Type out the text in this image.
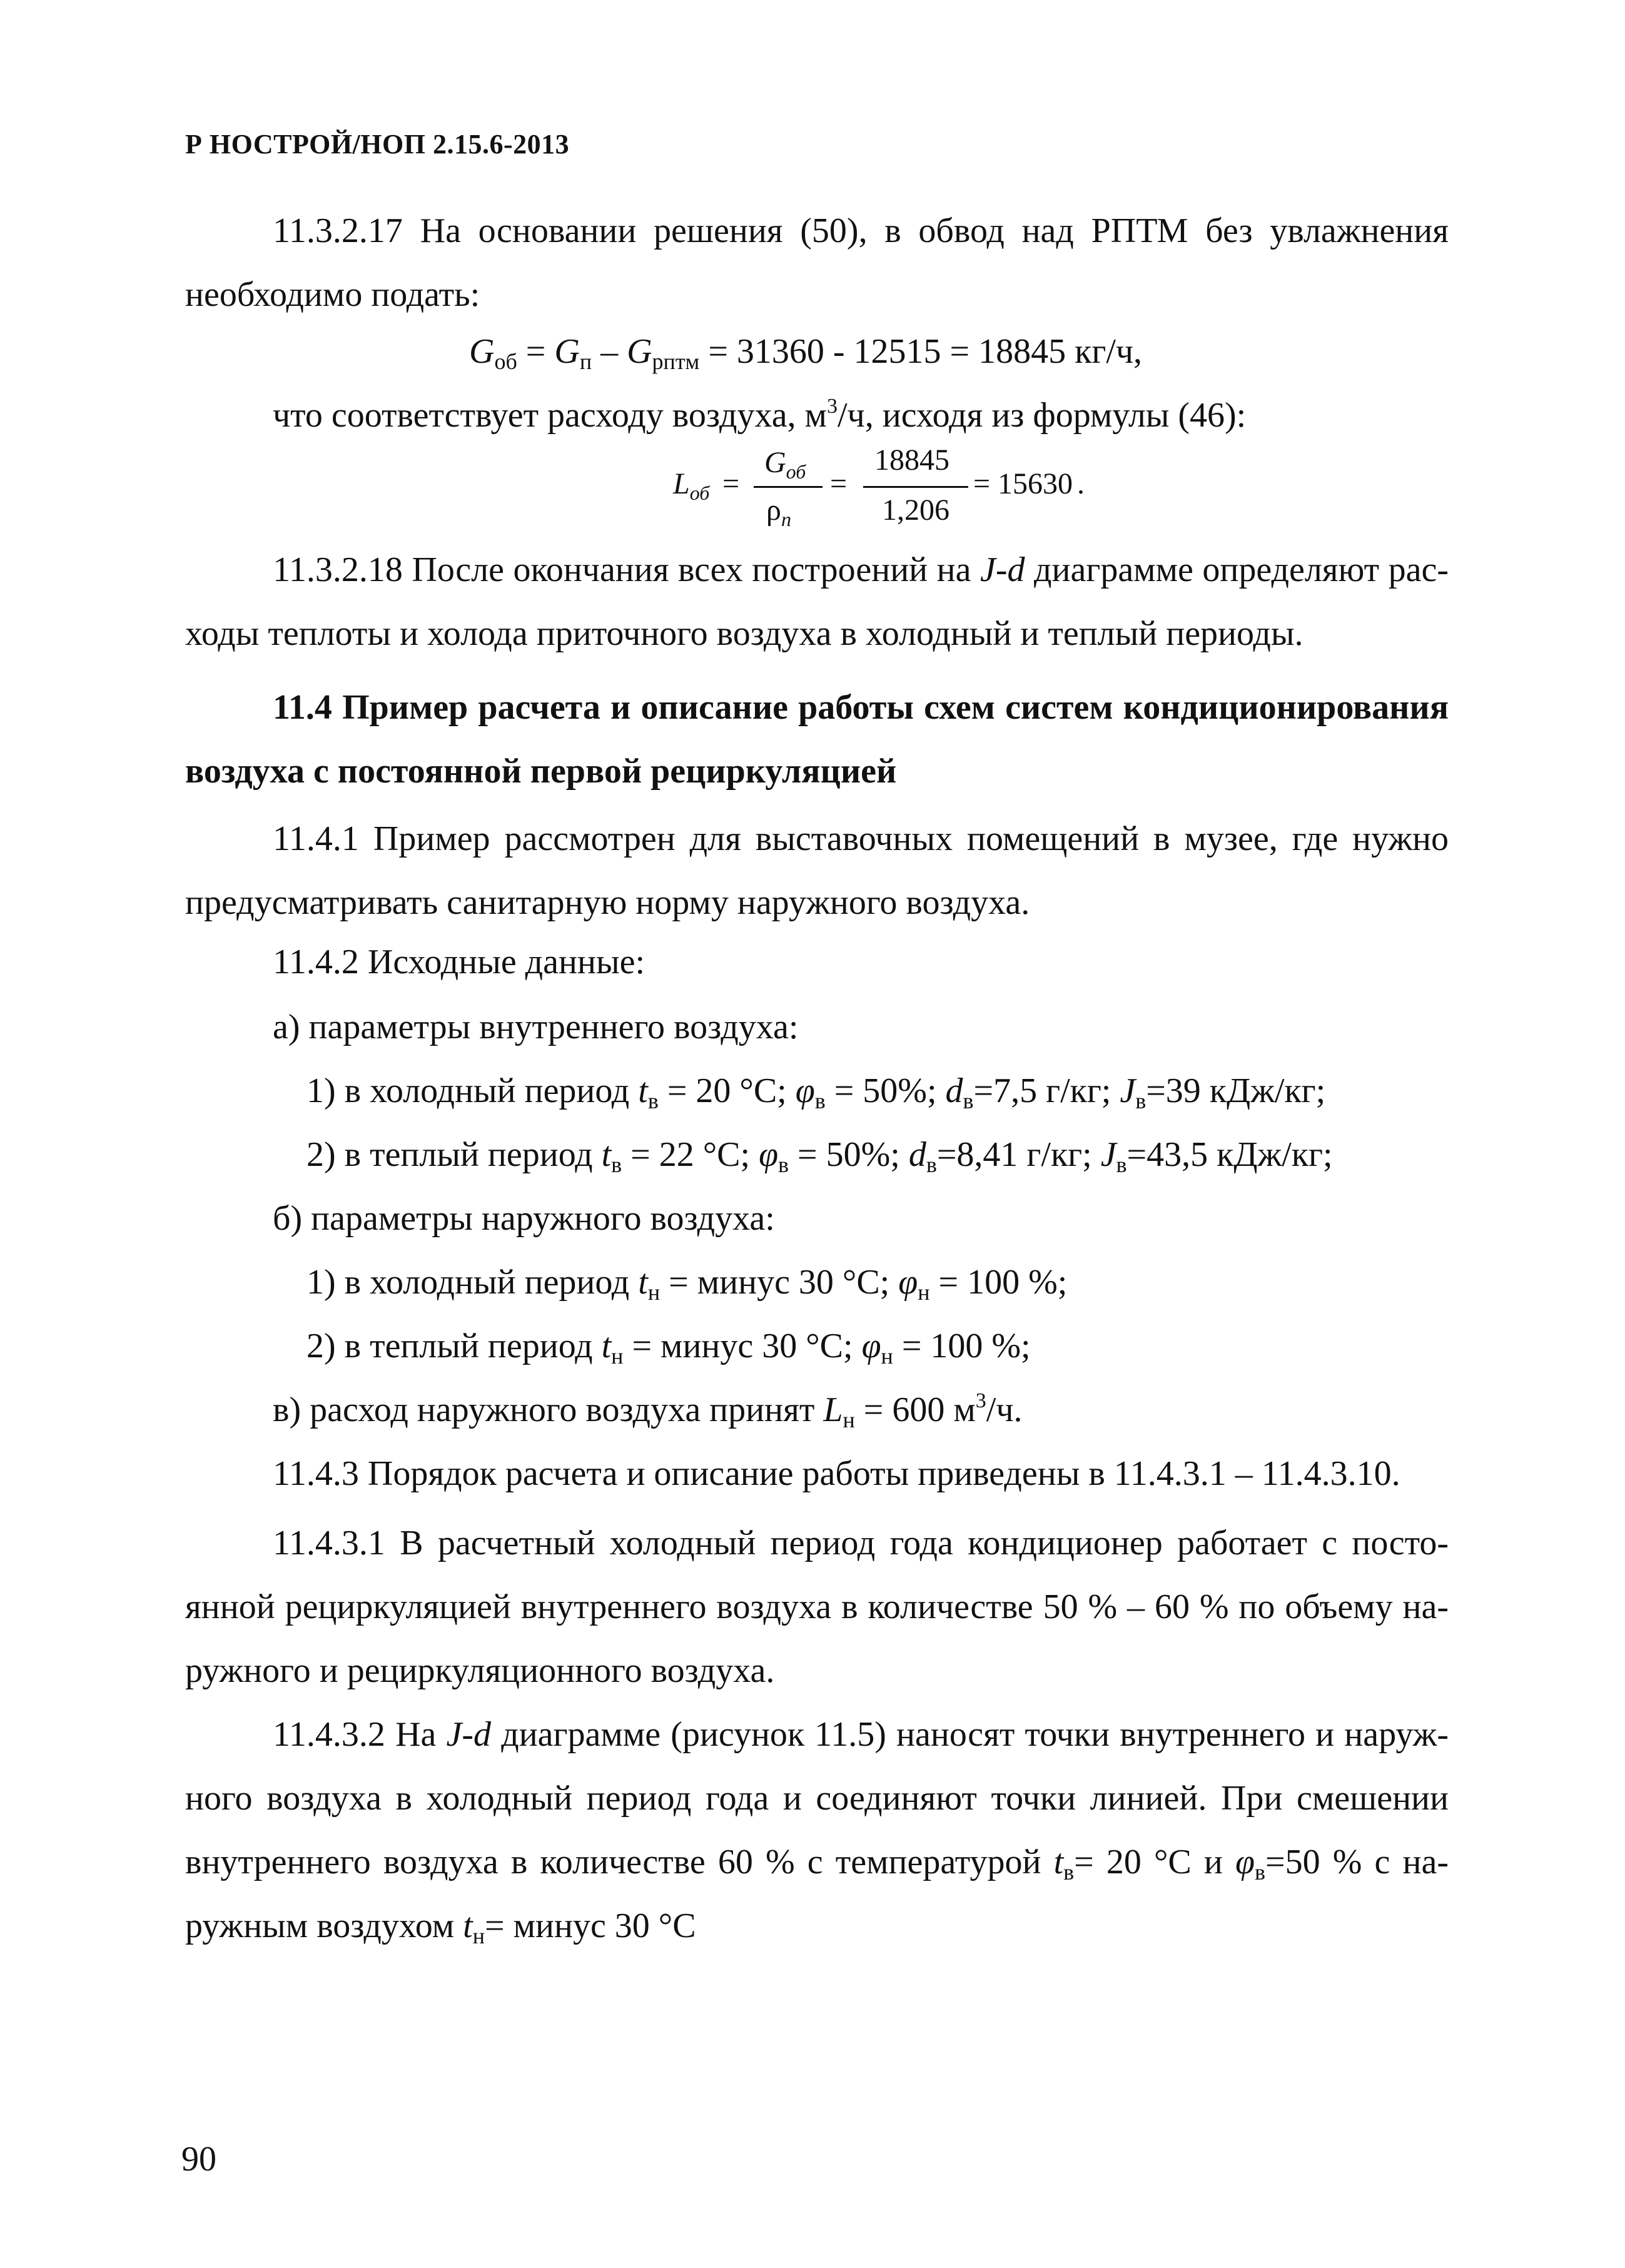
Р НОСТРОЙ/НОП 2.15.6-2013
11.3.2.17 На основании решения (50), в обвод над РПТМ без увлажнения
необходимо подать:
$G_{об} = G_п - G_{рптм} = 31360 - 12515 = 18845$ кг/ч,
что соответствует расходу воздуха, $м^3/ч$, исходя из формулы (46):
$L_{об}$ =
$G_{об}$
$\rho_п$
=
18845
1,206
= 15630 .
11.3.2.18 После окончания всех построений на J-d диаграмме определяют рас-
ходы теплоты и холода приточного воздуха в холодный и теплый периоды.
11.4 Пример расчета и описание работы схем систем кондиционирования
воздуха с постоянной первой рециркуляцией
11.4.1 Пример рассмотрен для выставочных помещений в музее, где нужно
предусматривать санитарную норму наружного воздуха.
11.4.2 Исходные данные:
а) параметры внутреннего воздуха:
1) в холодный период $t_в = 20$ °С; $\varphi_в = 50\%$; $d_в=7,5$ г/кг; $J_в=39$ кДж/кг;
2) в теплый период $t_в = 22$ °С; $\varphi_в = 50\%$; $d_в=8,41$ г/кг; $J_в=43,5$ кДж/кг;
б) параметры наружного воздуха:
1) в холодный период $t_н$ = минус 30 °С; $\varphi_н = 100$ %;
2) в теплый период $t_н$ = минус 30 °С; $\varphi_н = 100$ %;
в) расход наружного воздуха принят $L_н = 600$ $м^3/ч$.
11.4.3 Порядок расчета и описание работы приведены в 11.4.3.1 – 11.4.3.10.
11.4.3.1 В расчетный холодный период года кондиционер работает с посто-
янной рециркуляцией внутреннего воздуха в количестве 50 % – 60 % по объему на-
ружного и рециркуляционного воздуха.
11.4.3.2 На J-d диаграмме (рисунок 11.5) наносят точки внутреннего и наруж-
ного воздуха в холодный период года и соединяют точки линией. При смешении
внутреннего воздуха в количестве 60 % с температурой $t_в= 20$ °С и $\varphi_в=50$ % с на-
ружным воздухом $t_н=$ минус 30 °С
90
